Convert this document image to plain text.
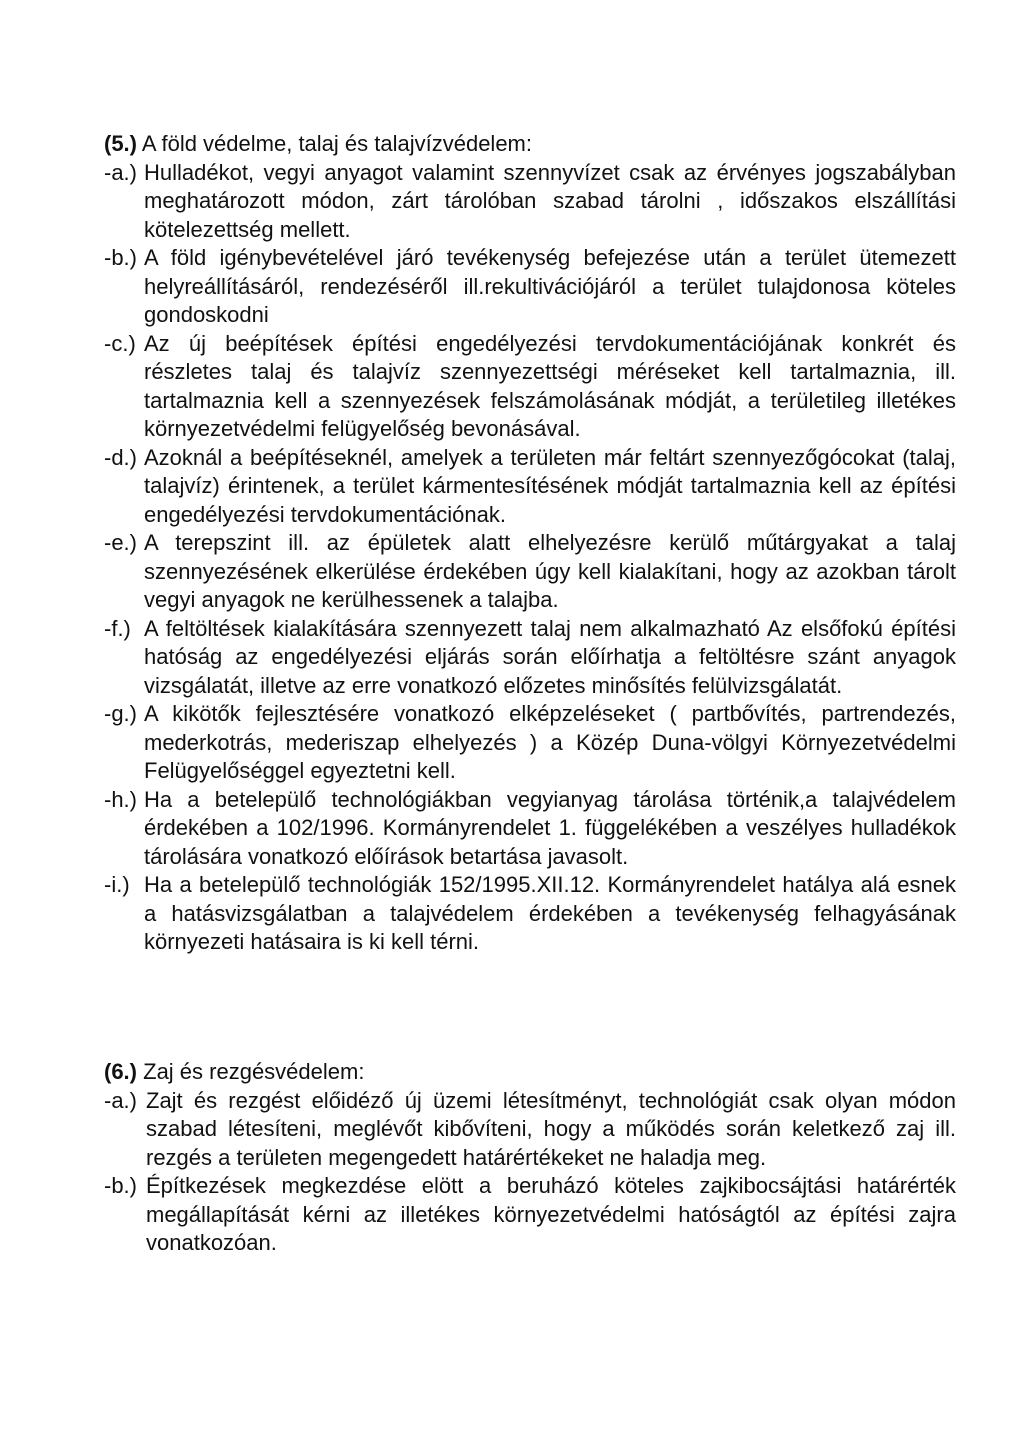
(5.) A föld védelme, talaj és talajvízvédelem:

-a.) Hulladékot, vegyi anyagot valamint szennyvízet csak az érvényes jogszabályban meghatározott módon, zárt tárolóban szabad tárolni , időszakos elszállítási kötelezettség mellett.

-b.) A föld igénybevételével járó tevékenység befejezése után a terület ütemezett helyreállításáról, rendezéséről ill.rekultivációjáról a terület tulajdonosa köteles gondoskodni

-c.) Az új beépítések építési engedélyezési tervdokumentációjának konkrét és részletes talaj és talajvíz szennyezettségi méréseket kell tartalmaznia, ill. tartalmaznia kell a szennyezések felszámolásának módját, a területileg illetékes környezetvédelmi felügyelőség bevonásával.

-d.) Azoknál a beépítéseknél, amelyek a területen már feltárt szennyezőgócokat (talaj, talajvíz) érintenek, a terület kármentesítésének módját tartalmaznia kell az építési engedélyezési tervdokumentációnak.

-e.) A terepszint ill. az épületek alatt elhelyezésre kerülő műtárgyakat a talaj szennyezésének elkerülése érdekében úgy kell kialakítani, hogy az azokban tárolt vegyi anyagok ne kerülhessenek a talajba.

-f.) A feltöltések kialakítására szennyezett talaj nem alkalmazható Az elsőfokú építési hatóság az engedélyezési eljárás során előírhatja a feltöltésre szánt anyagok vizsgálatát, illetve az erre vonatkozó előzetes minősítés felülvizsgálatát.

-g.) A kikötők fejlesztésére vonatkozó elképzeléseket ( partbővítés, partrendezés, mederkotrás, mederiszap elhelyezés ) a Közép Duna-völgyi Környezetvédelmi Felügyelőséggel egyeztetni kell.

-h.) Ha a betelepülő technológiákban vegyianyag tárolása történik,a talajvédelem érdekében a 102/1996. Kormányrendelet 1. függelékében a veszélyes hulladékok tárolására vonatkozó előírások betartása javasolt.

-i.) Ha a betelepülő technológiák 152/1995.XII.12. Kormányrendelet hatálya alá esnek a hatásvizsgálatban a talajvédelem érdekében a tevékenység felhagyásának környezeti hatásaira is ki kell térni.

(6.) Zaj és rezgésvédelem:

-a.) Zajt és rezgést előidéző új üzemi létesítményt, technológiát csak olyan módon szabad létesíteni, meglévőt kibővíteni, hogy a működés során keletkező zaj ill. rezgés a területen megengedett határértékeket ne haladja meg.

-b.) Építkezések megkezdése elött a beruházó köteles zajkibocsájtási határérték megállapítását kérni az illetékes környezetvédelmi hatóságtól az építési zajra vonatkozóan.
